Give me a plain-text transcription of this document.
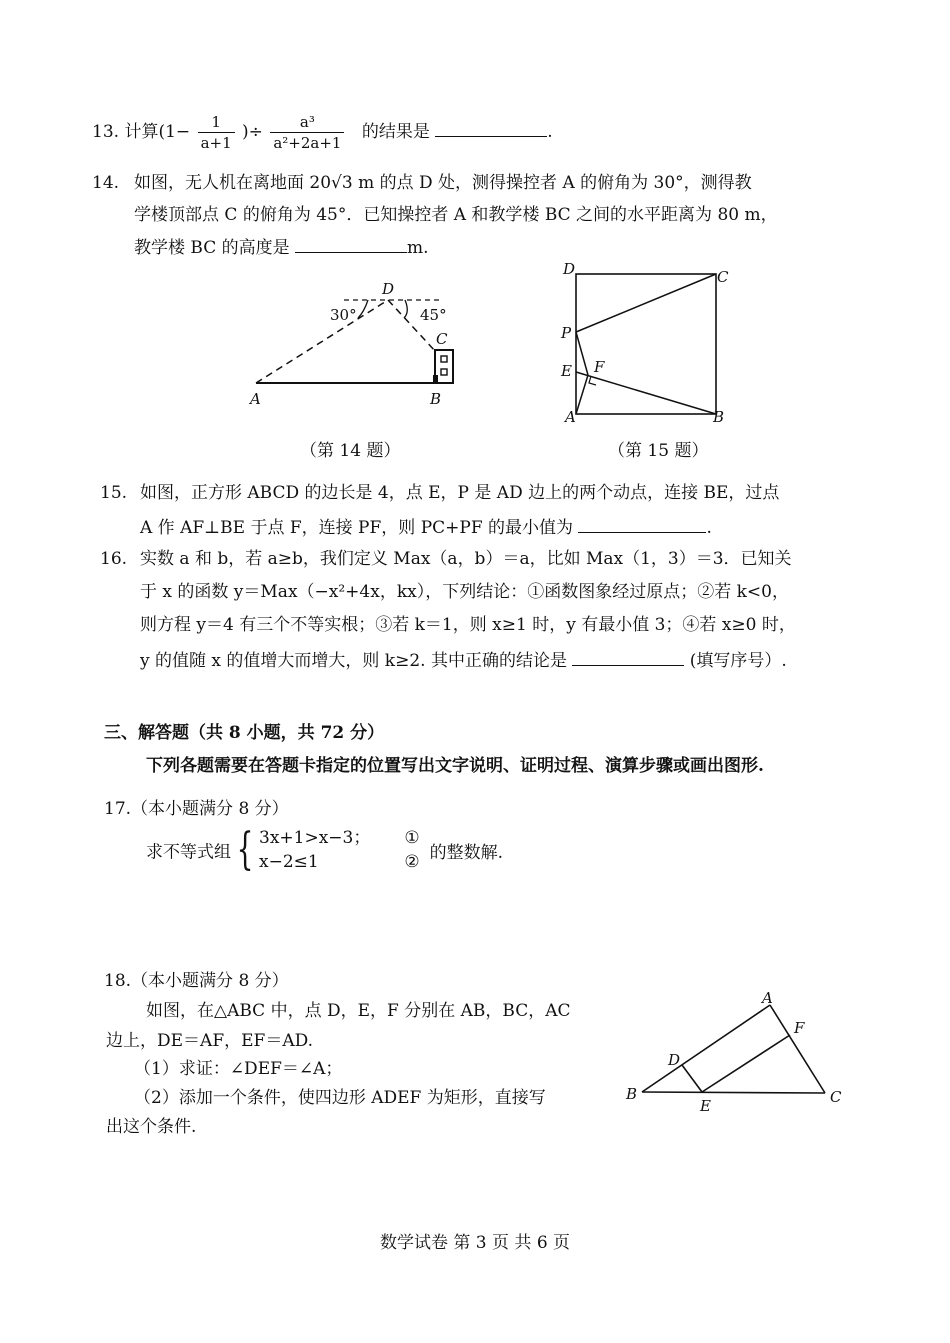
13. 计算($1- \frac{1}{a+1}$ )÷ $\frac{\text{a³}}{\text{a²+2a+1}}$ 的结果是	.
14. 如图，无人机在离地面 20√3 m 的点 D 处，测得操控者 A 的俯角为 30°，测得教
学楼顶部点 C 的俯角为 45°．已知操控者 A 和教学楼 BC 之间的水平距离为 80 m，
教学楼 BC 的高度是	m.
D
30°	45°
C
A	B
（第 14 题）
D	C
P
E F
A	B
（第 15 题）
15. 如图，正方形 ABCD 的边长是 4，点 E，P 是 AD 边上的两个动点，连接 BE，过点
A 作 AF⊥BE 于点 F，连接 PF，则 PC+PF 的最小值为	.
16. 实数 a 和 b，若 a≥b，我们定义 Max（a，b）＝a，比如 Max（1，3）＝3．已知关
于 x 的函数 y＝Max（−x²+4x，kx），下列结论：①函数图象经过原点；②若 k<0，
则方程 y＝4 有三个不等实根；③若 k＝1，则 x≥1 时，y 有最小值 3；④若 x≥0 时，
y 的值随 x 的值增大而增大，则 k≥2. 其中正确的结论是	(填写序号）.
三、解答题（共 8 小题，共 72 分）
下列各题需要在答题卡指定的位置写出文字说明、证明过程、演算步骤或画出图形.
17.（本小题满分 8 分）
求不等式组 { 3x+1>x−3；
x−2≤1
①
② 的整数解.
18.（本小题满分 8 分）
如图，在△ABC 中，点 D，E，F 分别在 AB，BC，AC
边上，DE＝AF，EF＝AD.
（1）求证：∠DEF＝∠A；
（2）添加一个条件，使四边形 ADEF 为矩形，直接写
出这个条件.
A
F
D
B
E	C
数学试卷 第 3 页 共 6 页
